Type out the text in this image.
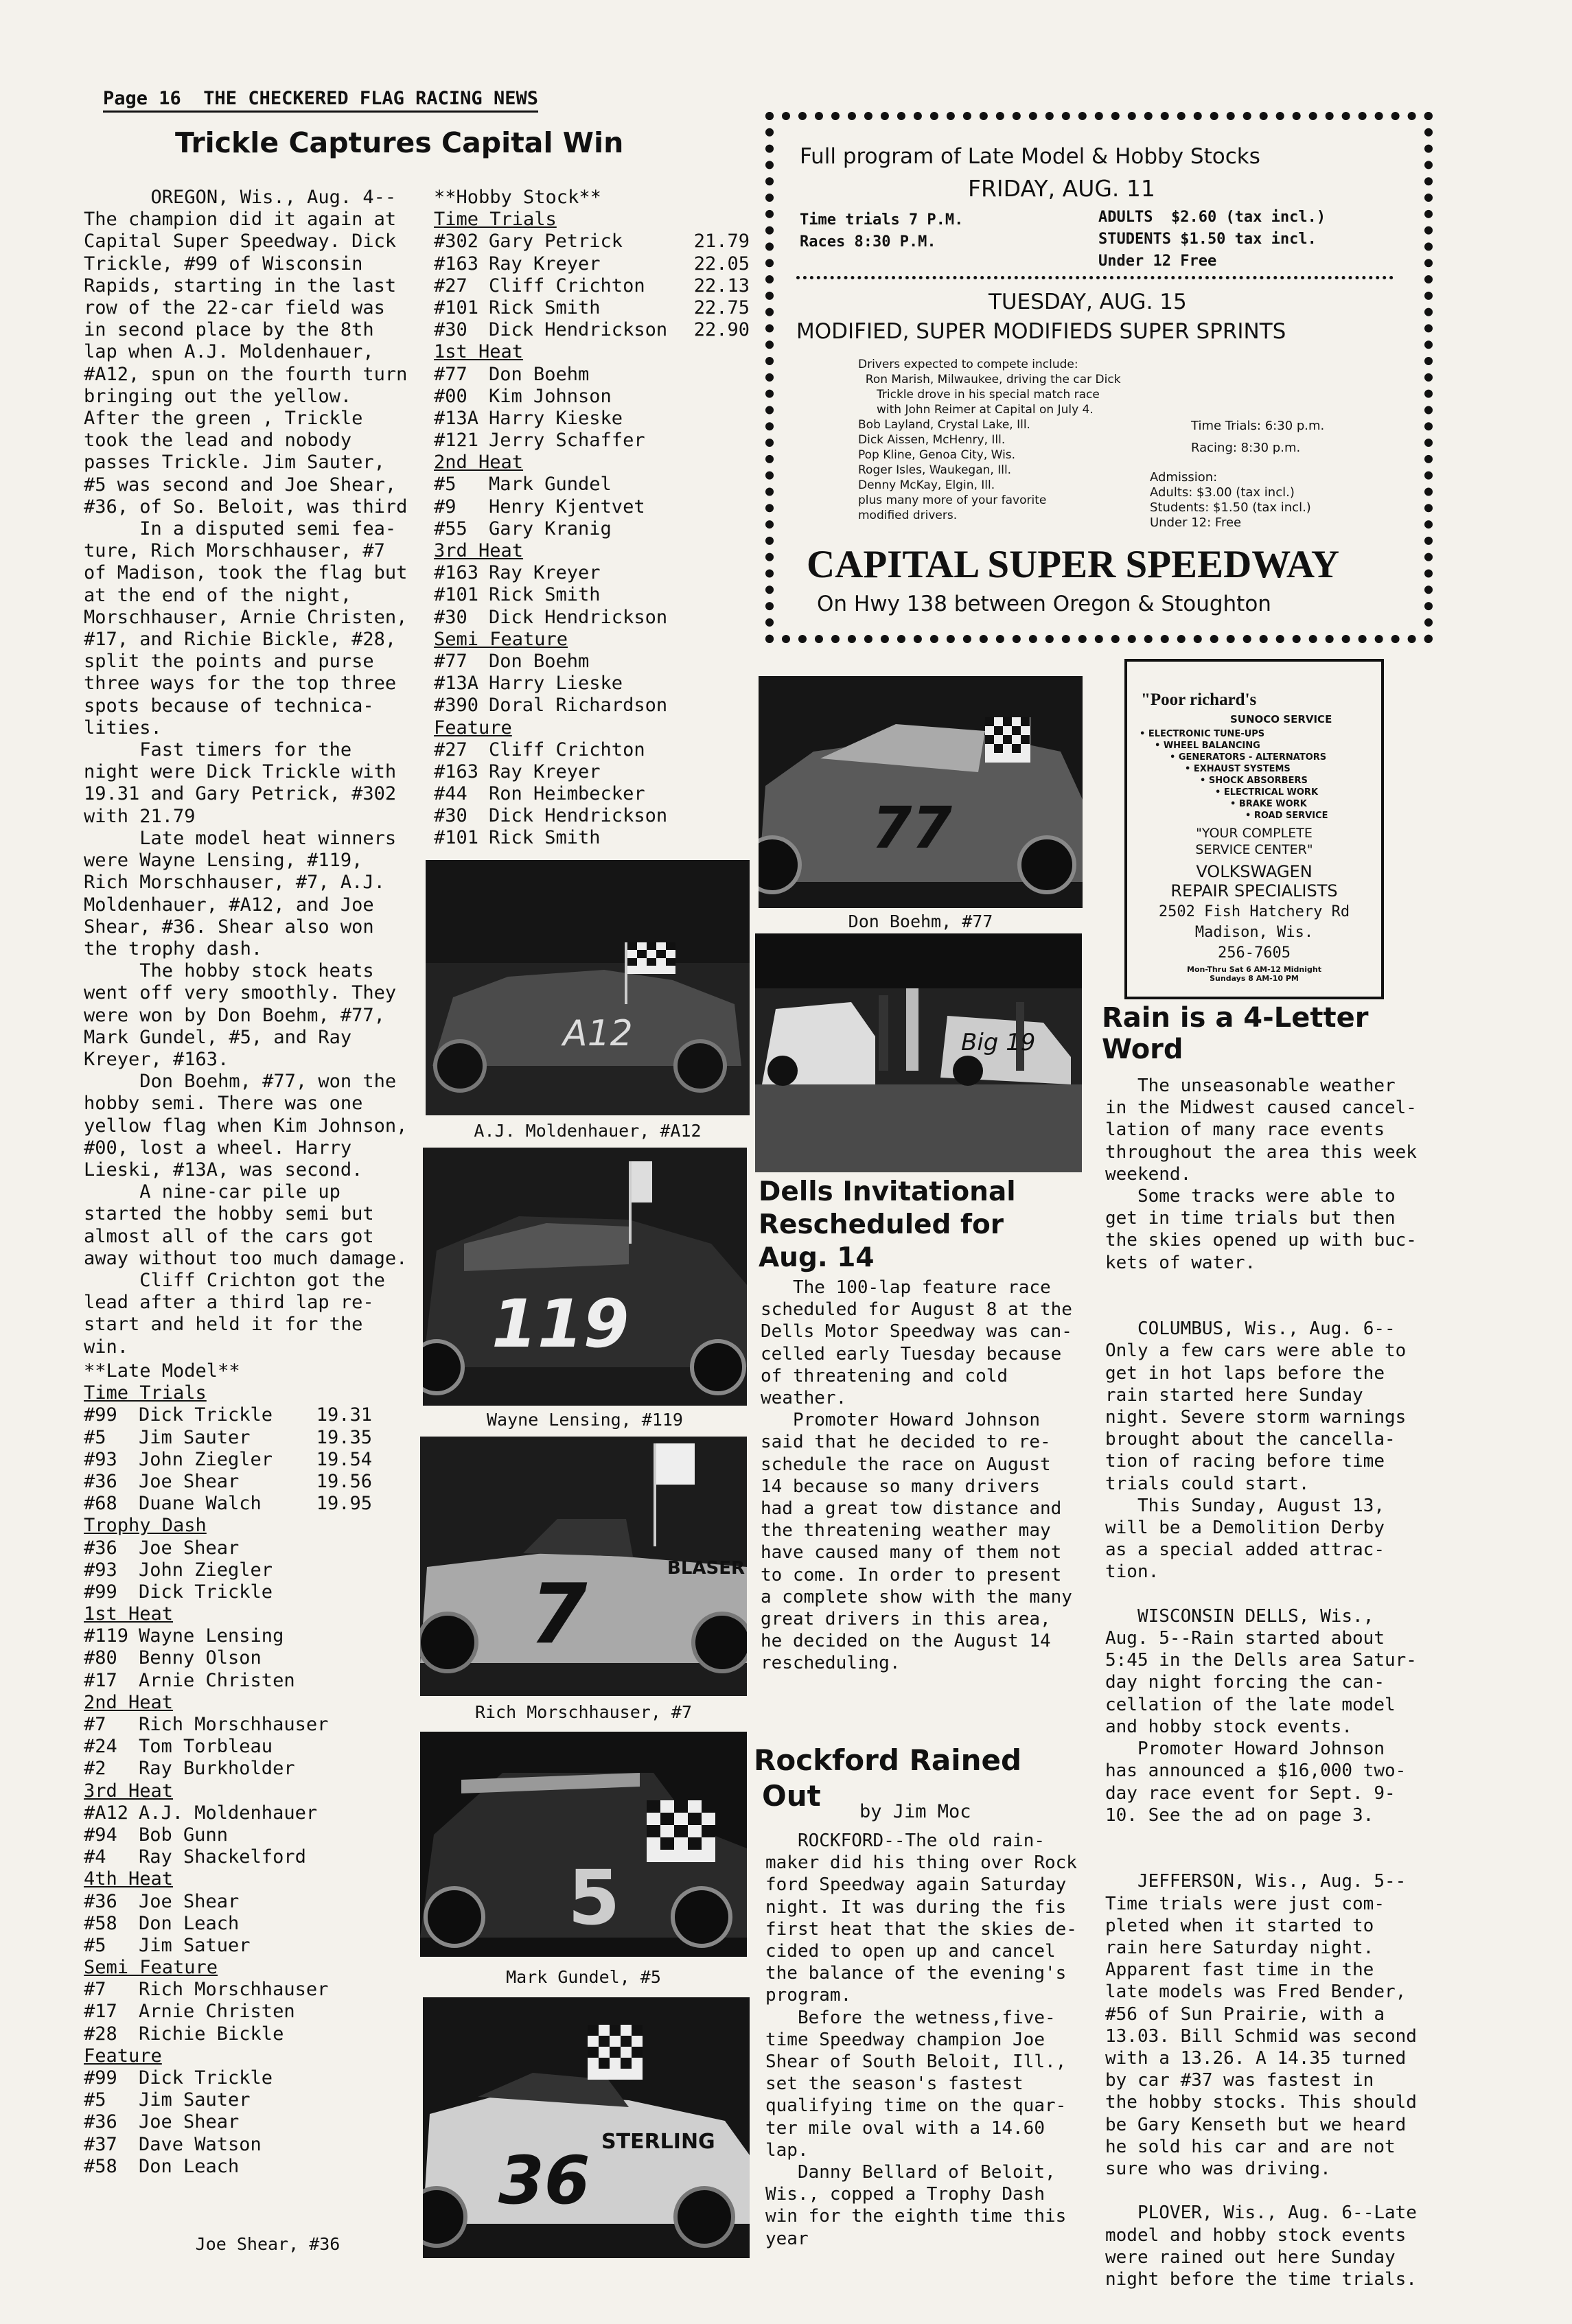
Page 16  THE CHECKERED FLAG RACING NEWS
Trickle Captures Capital Win
OREGON, Wis., Aug. 4--
The champion did it again at
Capital Super Speedway. Dick
Trickle, #99 of Wisconsin
Rapids, starting in the last
row of the 22-car field was
in second place by the 8th
lap when A.J. Moldenhauer,
#A12, spun on the fourth turn
bringing out the yellow.
After the green , Trickle
took the lead and nobody
passes Trickle. Jim Sauter,
#5 was second and Joe Shear,
#36, of So. Beloit, was third
In a disputed semi fea-
ture, Rich Morschhauser, #7
of Madison, took the flag but
at the end of the night,
Morschhauser, Arnie Christen,
#17, and Richie Bickle, #28,
split the points and purse
three ways for the top three
spots because of technica-
lities.
Fast timers for the
night were Dick Trickle with
19.31 and Gary Petrick, #302
with 21.79
Late model heat winners
were Wayne Lensing, #119,
Rich Morschhauser, #7, A.J.
Moldenhauer, #A12, and Joe
Shear, #36. Shear also won
the trophy dash.
The hobby stock heats
went off very smoothly. They
were won by Don Boehm, #77,
Mark Gundel, #5, and Ray
Kreyer, #163.
Don Boehm, #77, won the
hobby semi. There was one
yellow flag when Kim Johnson,
#00, lost a wheel. Harry
Lieski, #13A, was second.
A nine-car pile up
started the hobby semi but
almost all of the cars got
away without too much damage.
Cliff Crichton got the
lead after a third lap re-
start and held it for the
win.
**Late Model**
Time Trials
#99	Dick Trickle 19.31
#5	Jim Sauter	19.35
#93	John Ziegler 19.54
#36	Joe Shear	19.56
#68	Duane Walch	19.95
Trophy Dash
#36	Joe Shear
#93	John Ziegler
#99	Dick Trickle
1st Heat
#119 Wayne Lensing
#80	Benny Olson
#17	Arnie Christen
2nd Heat
#7	Rich Morschhauser
#24	Tom Torbleau
#2	Ray Burkholder
3rd Heat
#A12 A.J. Moldenhauer
#94	Bob Gunn
#4	Ray Shackelford
4th Heat
#36	Joe Shear
#58	Don Leach
#5	Jim Satuer
Semi Feature
#7	Rich Morschhauser
#17	Arnie Christen
#28	Richie Bickle
Feature
#99	Dick Trickle
#5	Jim Sauter
#36	Joe Shear
#37	Dave Watson
#58	Don Leach
**Hobby Stock**
Time Trials
#302 Gary Petrick	21.79
#163 Ray Kreyer	22.05
#27	Cliff Crichton	22.13
#101 Rick Smith	22.75
#30	Dick Hendrickson 22.90
1st Heat
#77	Don Boehm
#00	Kim Johnson
#13A Harry Kieske
#121 Jerry Schaffer
2nd Heat
#5	Mark Gundel
#9	Henry Kjentvet
#55	Gary Kranig
3rd Heat
#163 Ray Kreyer
#101 Rick Smith
#30	Dick Hendrickson
Semi Feature
#77	Don Boehm
#13A Harry Lieske
#390 Doral Richardson
Feature
#27	Cliff Crichton
#163 Ray Kreyer
#44	Ron Heimbecker
#30	Dick Hendrickson
#101 Rick Smith
A12
A.J. Moldenhauer, #A12
119
Wayne Lensing, #119
7	BLASER
Rich Morschhauser, #7
5
Mark Gundel, #5
36
STERLING
Joe Shear, #36
Full program of Late Model & Hobby Stocks
FRIDAY, AUG. 11
Time trials 7 P.M.
Races 8:30 P.M.
ADULTS  $2.60 (tax incl.)
STUDENTS $1.50 tax incl.
Under 12 Free
TUESDAY, AUG. 15
MODIFIED, SUPER MODIFIEDS SUPER SPRINTS
Drivers expected to compete include:
Ron Marish, Milwaukee, driving the car Dick
Trickle drove in his special match race
with John Reimer at Capital on July 4.
Bob Layland, Crystal Lake, Ill.
Dick Aissen, McHenry, Ill.
Pop Kline, Genoa City, Wis.
Roger Isles, Waukegan, Ill.
Denny McKay, Elgin, Ill.
plus many more of your favorite
modified drivers.
Time Trials: 6:30 p.m.
Racing: 8:30 p.m.
Admission:
Adults: $3.00 (tax incl.)
Students: $1.50 (tax incl.)
Under 12: Free
CAPITAL SUPER SPEEDWAY
On Hwy 138 between Oregon & Stoughton
77
Don Boehm, #77
Big 19
"Poor richard's
SUNOCO SERVICE
• ELECTRONIC TUNE-UPS
• WHEEL BALANCING
• GENERATORS - ALTERNATORS
• EXHAUST SYSTEMS
• SHOCK ABSORBERS
• ELECTRICAL WORK
• BRAKE WORK
• ROAD SERVICE
"YOUR COMPLETE
SERVICE CENTER"
VOLKSWAGEN
REPAIR SPECIALISTS
2502 Fish Hatchery Rd
Madison, Wis.
256-7605
Mon-Thru Sat 6 AM-12 Midnight
Sundays 8 AM-10 PM
Dells Invitational
Rescheduled for
Aug. 14
The 100-lap feature race
scheduled for August 8 at the
Dells Motor Speedway was can-
celled early Tuesday because
of threatening and cold
weather.
Promoter Howard Johnson
said that he decided to re-
schedule the race on August
14 because so many drivers
had a great tow distance and
the threatening weather may
have caused many of them not
to come. In order to present
a complete show with the many
great drivers in this area,
he decided on the August 14
rescheduling.
Rockford Rained
Out by Jim Moc
ROCKFORD--The old rain-
maker did his thing over Rock
ford Speedway again Saturday
night. It was during the fis
first heat that the skies de-
cided to open up and cancel
the balance of the evening's
program.
Before the wetness,five-
time Speedway champion Joe
Shear of South Beloit, Ill.,
set the season's fastest
qualifying time on the quar-
ter mile oval with a 14.60
lap.
Danny Bellard of Beloit,
Wis., copped a Trophy Dash
win for the eighth time this
year
Rain is a 4-Letter
Word
The unseasonable weather
in the Midwest caused cancel-
lation of many race events
throughout the area this week
weekend.
Some tracks were able to
get in time trials but then
the skies opened up with buc-
kets of water.

COLUMBUS, Wis., Aug. 6--
Only a few cars were able to
get in hot laps before the
rain started here Sunday
night. Severe storm warnings
brought about the cancella-
tion of racing before time
trials could start.
This Sunday, August 13,
will be a Demolition Derby
as a special added attrac-
tion.

WISCONSIN DELLS, Wis.,
Aug. 5--Rain started about
5:45 in the Dells area Satur-
day night forcing the can-
cellation of the late model
and hobby stock events.
Promoter Howard Johnson
has announced a $16,000 two-
day race event for Sept. 9-
10. See the ad on page 3.

JEFFERSON, Wis., Aug. 5--
Time trials were just com-
pleted when it started to
rain here Saturday night.
Apparent fast time in the
late models was Fred Bender,
#56 of Sun Prairie, with a
13.03. Bill Schmid was second
with a 13.26. A 14.35 turned
by car #37 was fastest in
the hobby stocks. This should
be Gary Kenseth but we heard
he sold his car and are not
sure who was driving.

PLOVER, Wis., Aug. 6--Late
model and hobby stock events
were rained out here Sunday
night before the time trials.
